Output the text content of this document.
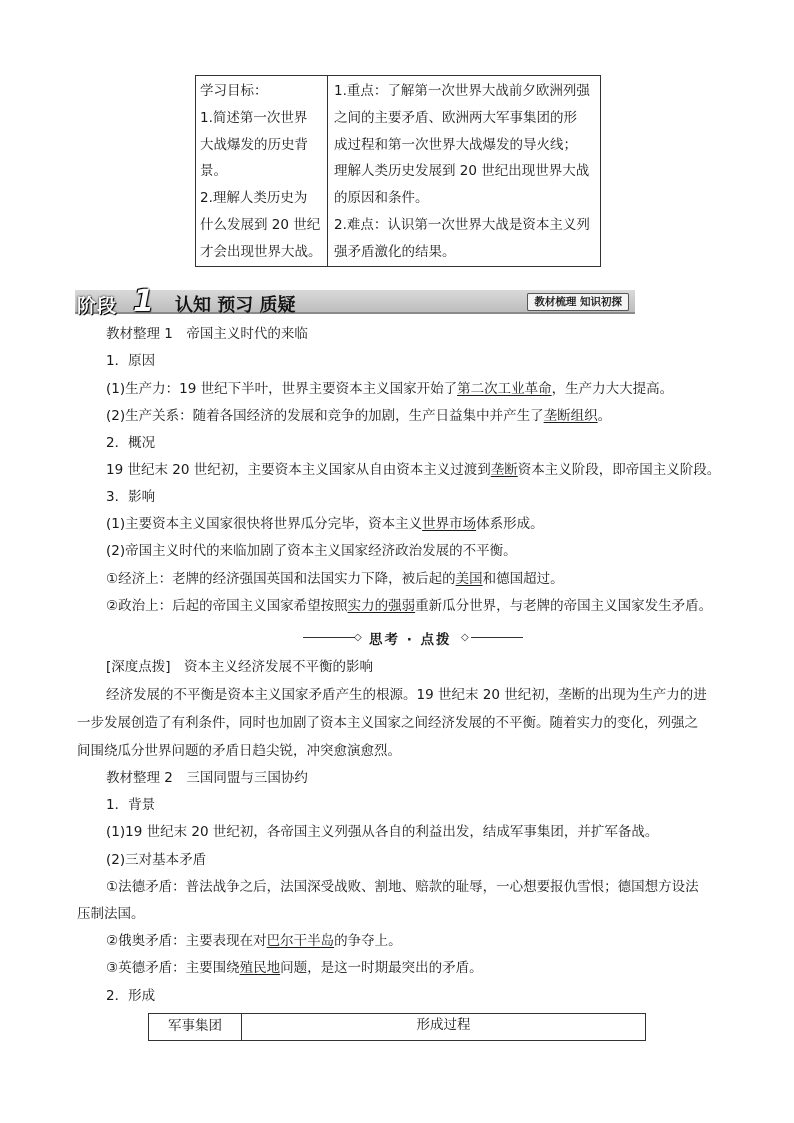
学习目标：
1.简述第一次世界
大战爆发的历史背
景。
2.理解人类历史为
什么发展到 20 世纪
才会出现世界大战。
1.重点：了解第一次世界大战前夕欧洲列强
之间的主要矛盾、欧洲两大军事集团的形
成过程和第一次世界大战爆发的导火线；
理解人类历史发展到 20 世纪出现世界大战
的原因和条件。
2.难点：认识第一次世界大战是资本主义列
强矛盾激化的结果。
阶段 1 认知 预习 质疑	教材梳理 知识初探
教材整理 1　帝国主义时代的来临
1．原因
(1)生产力：19 世纪下半叶，世界主要资本主义国家开始了第二次工业革命，生产力大大提高。
(2)生产关系：随着各国经济的发展和竞争的加剧，生产日益集中并产生了垄断组织。
2．概况
19 世纪末 20 世纪初，主要资本主义国家从自由资本主义过渡到垄断资本主义阶段，即帝国主义阶段。
3．影响
(1)主要资本主义国家很快将世界瓜分完毕，资本主义世界市场体系形成。
(2)帝国主义时代的来临加剧了资本主义国家经济政治发展的不平衡。
①经济上：老牌的经济强国英国和法国实力下降，被后起的美国和德国超过。
②政治上：后起的帝国主义国家希望按照实力的强弱重新瓜分世界，与老牌的帝国主义国家发生矛盾。
◇ 思考 · 点拨 ◇
[深度点拨]　资本主义经济发展不平衡的影响
经济发展的不平衡是资本主义国家矛盾产生的根源。19 世纪末 20 世纪初，垄断的出现为生产力的进
一步发展创造了有利条件，同时也加剧了资本主义国家之间经济发展的不平衡。随着实力的变化，列强之
间围绕瓜分世界问题的矛盾日趋尖锐，冲突愈演愈烈。
教材整理 2　三国同盟与三国协约
1．背景
(1)19 世纪末 20 世纪初，各帝国主义列强从各自的利益出发，结成军事集团，并扩军备战。
(2)三对基本矛盾
①法德矛盾：普法战争之后，法国深受战败、割地、赔款的耻辱，一心想要报仇雪恨；德国想方设法
压制法国。
②俄奥矛盾：主要表现在对巴尔干半岛的争夺上。
③英德矛盾：主要围绕殖民地问题，是这一时期最突出的矛盾。
2．形成
军事集团	形成过程
